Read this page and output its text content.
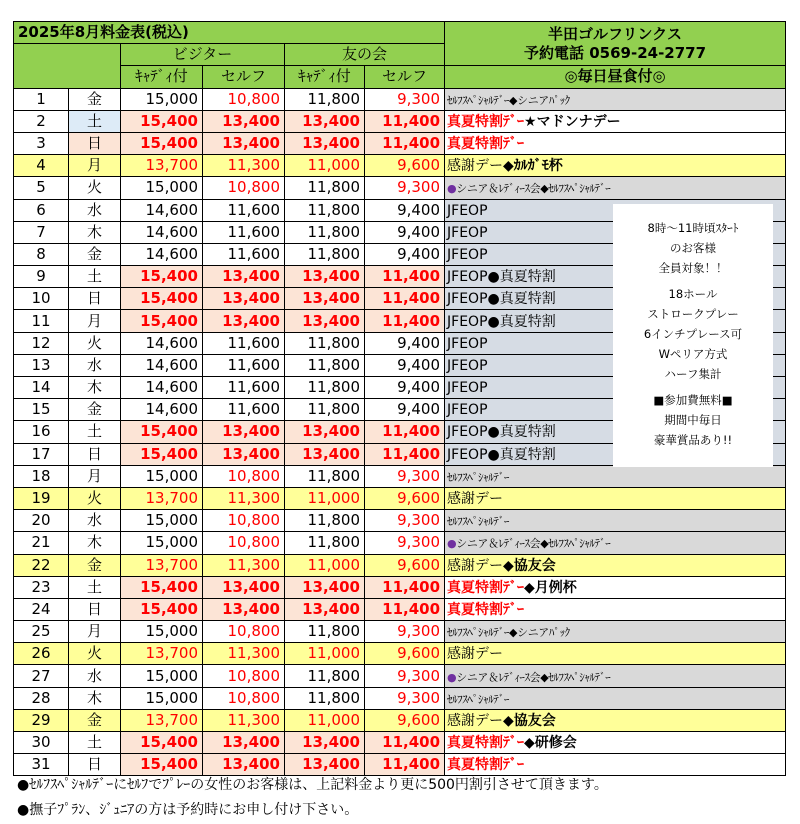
2025年8月料金表(税込)						半田ゴルフリンクス
予約電話 0569-24-2777

		ビジター		友の会		
		ｷｬﾃﾞｨ付	セルフ	ｷｬﾃﾞｨ付	セルフ	◎毎日昼食付◎
1	金	15,000	10,800	11,800	9,300	ｾﾙﾌｽﾍﾟｼｬﾙﾃﾞｰ◆シニアﾊﾟｯｸ
2	土	15,400	13,400	13,400	11,400	真夏特割ﾃﾞｰ★マドンナデー
3	日	15,400	13,400	13,400	11,400	真夏特割ﾃﾞｰ
4	月	13,700	11,300	11,000	9,600	感謝デー◆ｶﾙｶﾞﾓ杯
5	火	15,000	10,800	11,800	9,300	●シニア＆ﾚﾃﾞｨｰｽ会◆ｾﾙﾌｽﾍﾟｼｬﾙﾃﾞｰ
6	水	14,600	11,600	11,800	9,400	JFEOP
7	木	14,600	11,600	11,800	9,400	JFEOP
8	金	14,600	11,600	11,800	9,400	JFEOP
9	土	15,400	13,400	13,400	11,400	JFEOP●真夏特割
10	日	15,400	13,400	13,400	11,400	JFEOP●真夏特割
11	月	15,400	13,400	13,400	11,400	JFEOP●真夏特割
12	火	14,600	11,600	11,800	9,400	JFEOP
13	水	14,600	11,600	11,800	9,400	JFEOP
14	木	14,600	11,600	11,800	9,400	JFEOP
15	金	14,600	11,600	11,800	9,400	JFEOP
16	土	15,400	13,400	13,400	11,400	JFEOP●真夏特割
17	日	15,400	13,400	13,400	11,400	JFEOP●真夏特割
18	月	15,000	10,800	11,800	9,300	ｾﾙﾌｽﾍﾟｼｬﾙﾃﾞｰ
19	火	13,700	11,300	11,000	9,600	感謝デー
20	水	15,000	10,800	11,800	9,300	ｾﾙﾌｽﾍﾟｼｬﾙﾃﾞｰ
21	木	15,000	10,800	11,800	9,300	●シニア＆ﾚﾃﾞｨｰｽ会◆ｾﾙﾌｽﾍﾟｼｬﾙﾃﾞｰ
22	金	13,700	11,300	11,000	9,600	感謝デー◆協友会
23	土	15,400	13,400	13,400	11,400	真夏特割ﾃﾞｰ◆月例杯
24	日	15,400	13,400	13,400	11,400	真夏特割ﾃﾞｰ
25	月	15,000	10,800	11,800	9,300	ｾﾙﾌｽﾍﾟｼｬﾙﾃﾞｰ◆シニアﾊﾟｯｸ
26	火	13,700	11,300	11,000	9,600	感謝デー
27	水	15,000	10,800	11,800	9,300	●シニア＆ﾚﾃﾞｨｰｽ会◆ｾﾙﾌｽﾍﾟｼｬﾙﾃﾞｰ
28	木	15,000	10,800	11,800	9,300	ｾﾙﾌｽﾍﾟｼｬﾙﾃﾞｰ
29	金	13,700	11,300	11,000	9,600	感謝デー◆協友会
30	土	15,400	13,400	13,400	11,400	真夏特割ﾃﾞｰ◆研修会
31	日	15,400	13,400	13,400	11,400	真夏特割ﾃﾞｰ
8時～11時頃ｽﾀｰﾄ
のお客様
全員対象！！
18ホール
ストロークプレー
6インチプレース可
Wペリア方式
ハーフ集計
■参加費無料■
期間中毎日
豪華賞品あり!!
●ｾﾙﾌｽﾍﾟｼｬﾙﾃﾞｰにｾﾙﾌでﾌﾟﾚｰの女性のお客様は、上記料金より更に500円割引させて頂きます。
●撫子ﾌﾟﾗﾝ、ｼﾞｭﾆｱの方は予約時にお申し付け下さい。
